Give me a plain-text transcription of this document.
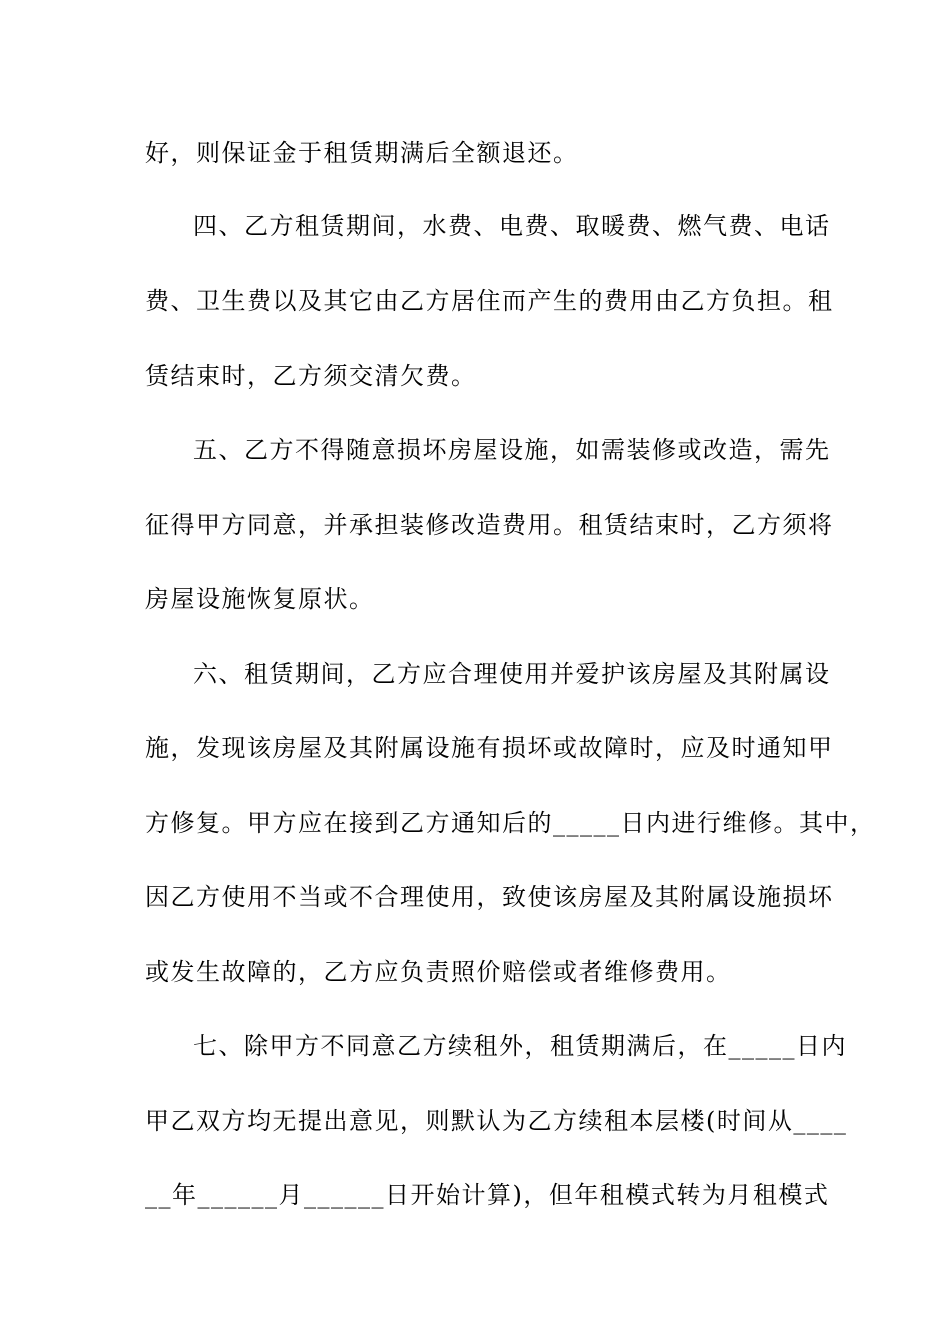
好，则保证金于租赁期满后全额退还。
四、乙方租赁期间，水费、电费、取暖费、燃气费、电话
费、卫生费以及其它由乙方居住而产生的费用由乙方负担。租
赁结束时，乙方须交清欠费。
五、乙方不得随意损坏房屋设施，如需装修或改造，需先
征得甲方同意，并承担装修改造费用。租赁结束时，乙方须将
房屋设施恢复原状。
六、租赁期间，乙方应合理使用并爱护该房屋及其附属设
施，发现该房屋及其附属设施有损坏或故障时，应及时通知甲
方修复。甲方应在接到乙方通知后的_____日内进行维修。其中，
因乙方使用不当或不合理使用，致使该房屋及其附属设施损坏
或发生故障的，乙方应负责照价赔偿或者维修费用。
七、除甲方不同意乙方续租外，租赁期满后，在_____日内
甲乙双方均无提出意见，则默认为乙方续租本层楼(时间从____
__年______月______日开始计算)，但年租模式转为月租模式
